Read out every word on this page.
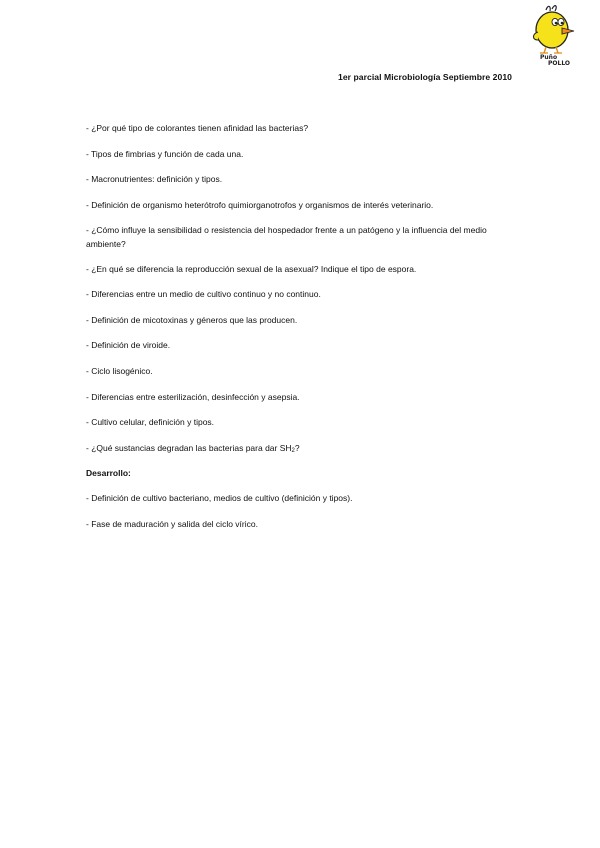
Puño
POLLO
1er parcial Microbiología Septiembre 2010

- ¿Por qué tipo de colorantes tienen afinidad las bacterias?

- Tipos de fimbrias y función de cada una.

- Macronutrientes: definición y tipos.

- Definición de organismo heterótrofo quimiorganotrofos y organismos de interés veterinario.

- ¿Cómo influye la sensibilidad o resistencia del hospedador frente a un patógeno y la influencia del medio ambiente?

- ¿En qué se diferencia la reproducción sexual de la asexual? Indique el tipo de espora.

- Diferencias entre un medio de cultivo continuo y no continuo.

- Definición de micotoxinas y géneros que las producen.

- Definición de viroide.

- Ciclo lisogénico.

- Diferencias entre esterilización, desinfección y asepsia.

- Cultivo celular, definición y tipos.

- ¿Qué sustancias degradan las bacterias para dar $SH_2$?

Desarrollo:

- Definición de cultivo bacteriano, medios de cultivo (definición y tipos).

- Fase de maduración y salida del ciclo vírico.
